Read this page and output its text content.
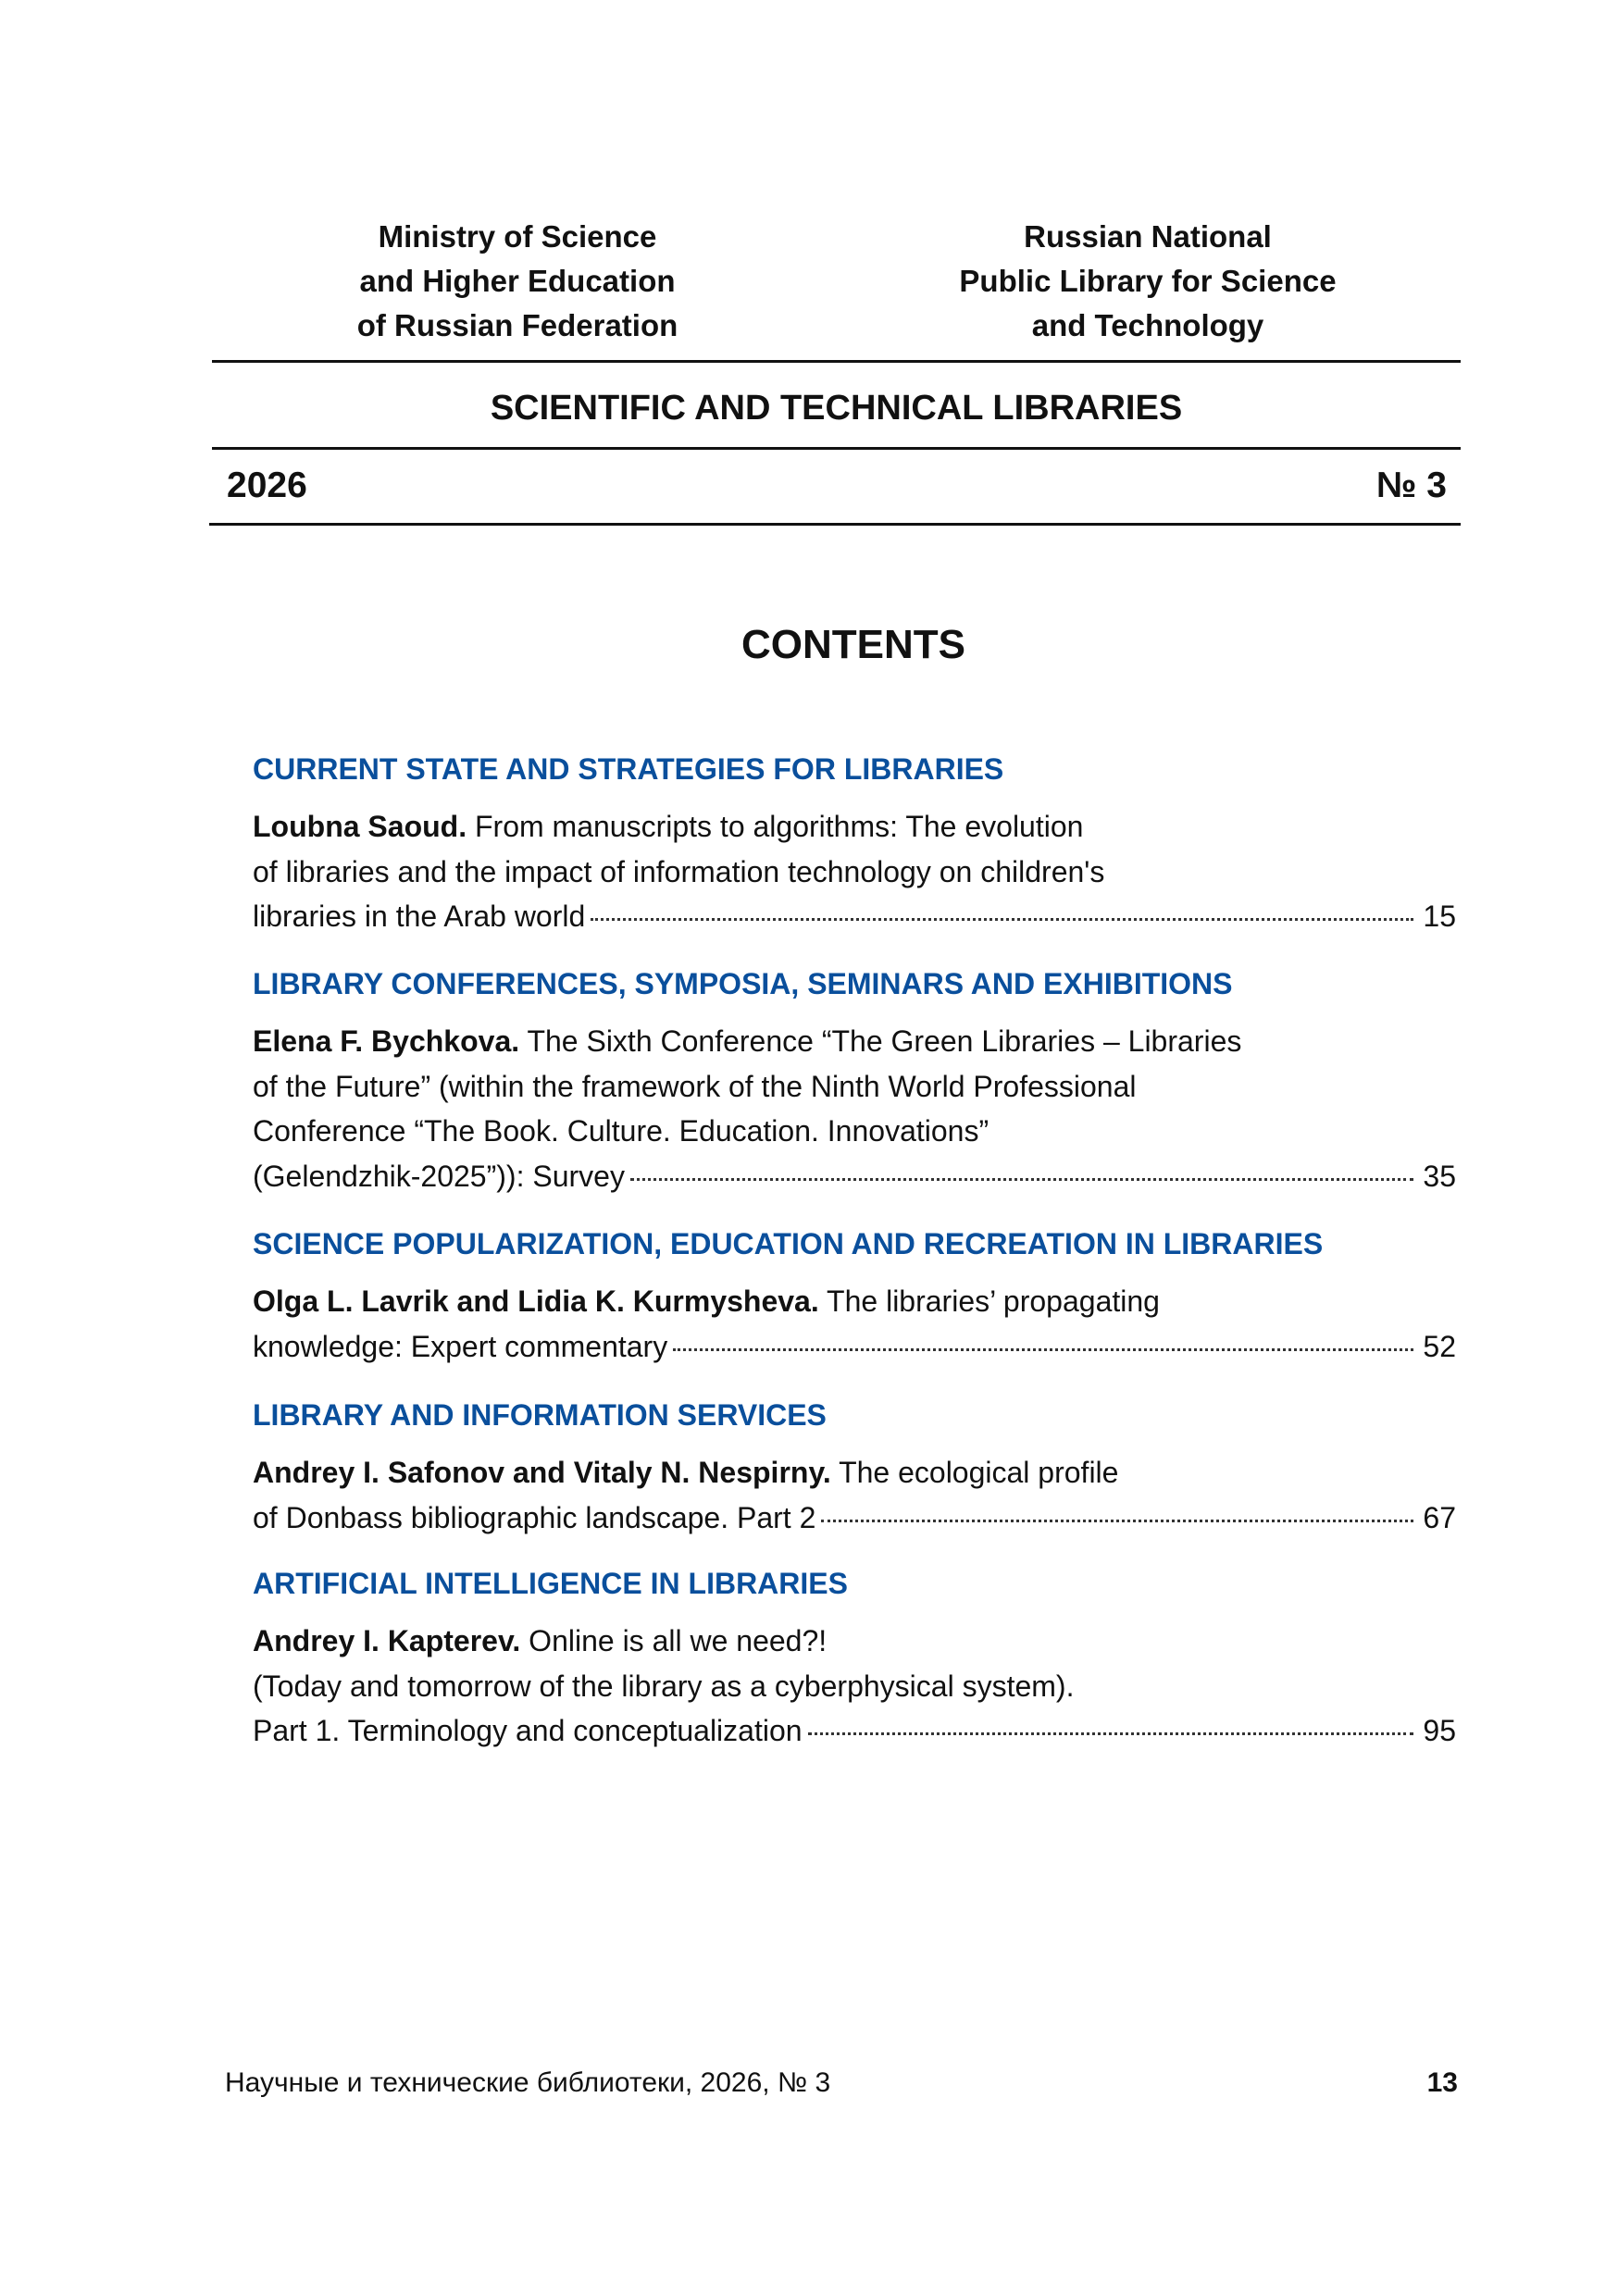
Ministry of Science
and Higher Education
of Russian Federation
Russian National
Public Library for Science
and Technology
SCIENTIFIC AND TECHNICAL LIBRARIES
2026	№ 3
CONTENTS
CURRENT STATE AND STRATEGIES FOR LIBRARIES
Loubna Saoud. From manuscripts to algorithms: The evolution
of libraries and the impact of information technology on children's
libraries in the Arab world	15
LIBRARY CONFERENCES, SYMPOSIA, SEMINARS AND EXHIBITIONS
Elena F. Bychkova. The Sixth Conference “The Green Libraries – Libraries
of the Future” (within the framework of the Ninth World Professional
Conference “The Book. Culture. Education. Innovations”
(Gelendzhik-2025”)): Survey	35
SCIENCE POPULARIZATION, EDUCATION AND RECREATION IN LIBRARIES
Olga L. Lavrik and Lidia K. Kurmysheva. The libraries’ propagating
knowledge: Expert commentary	52
LIBRARY AND INFORMATION SERVICES
Andrey I. Safonov and Vitaly N. Nespirny. The ecological profile
of Donbass bibliographic landscape. Part 2	67
ARTIFICIAL INTELLIGENCE IN LIBRARIES
Andrey I. Kapterev. Online is all we need?!
(Today and tomorrow of the library as a cyberphysical system).
Part 1. Terminology and conceptualization	95
Научные и технические библиотеки, 2026, № 3	13
